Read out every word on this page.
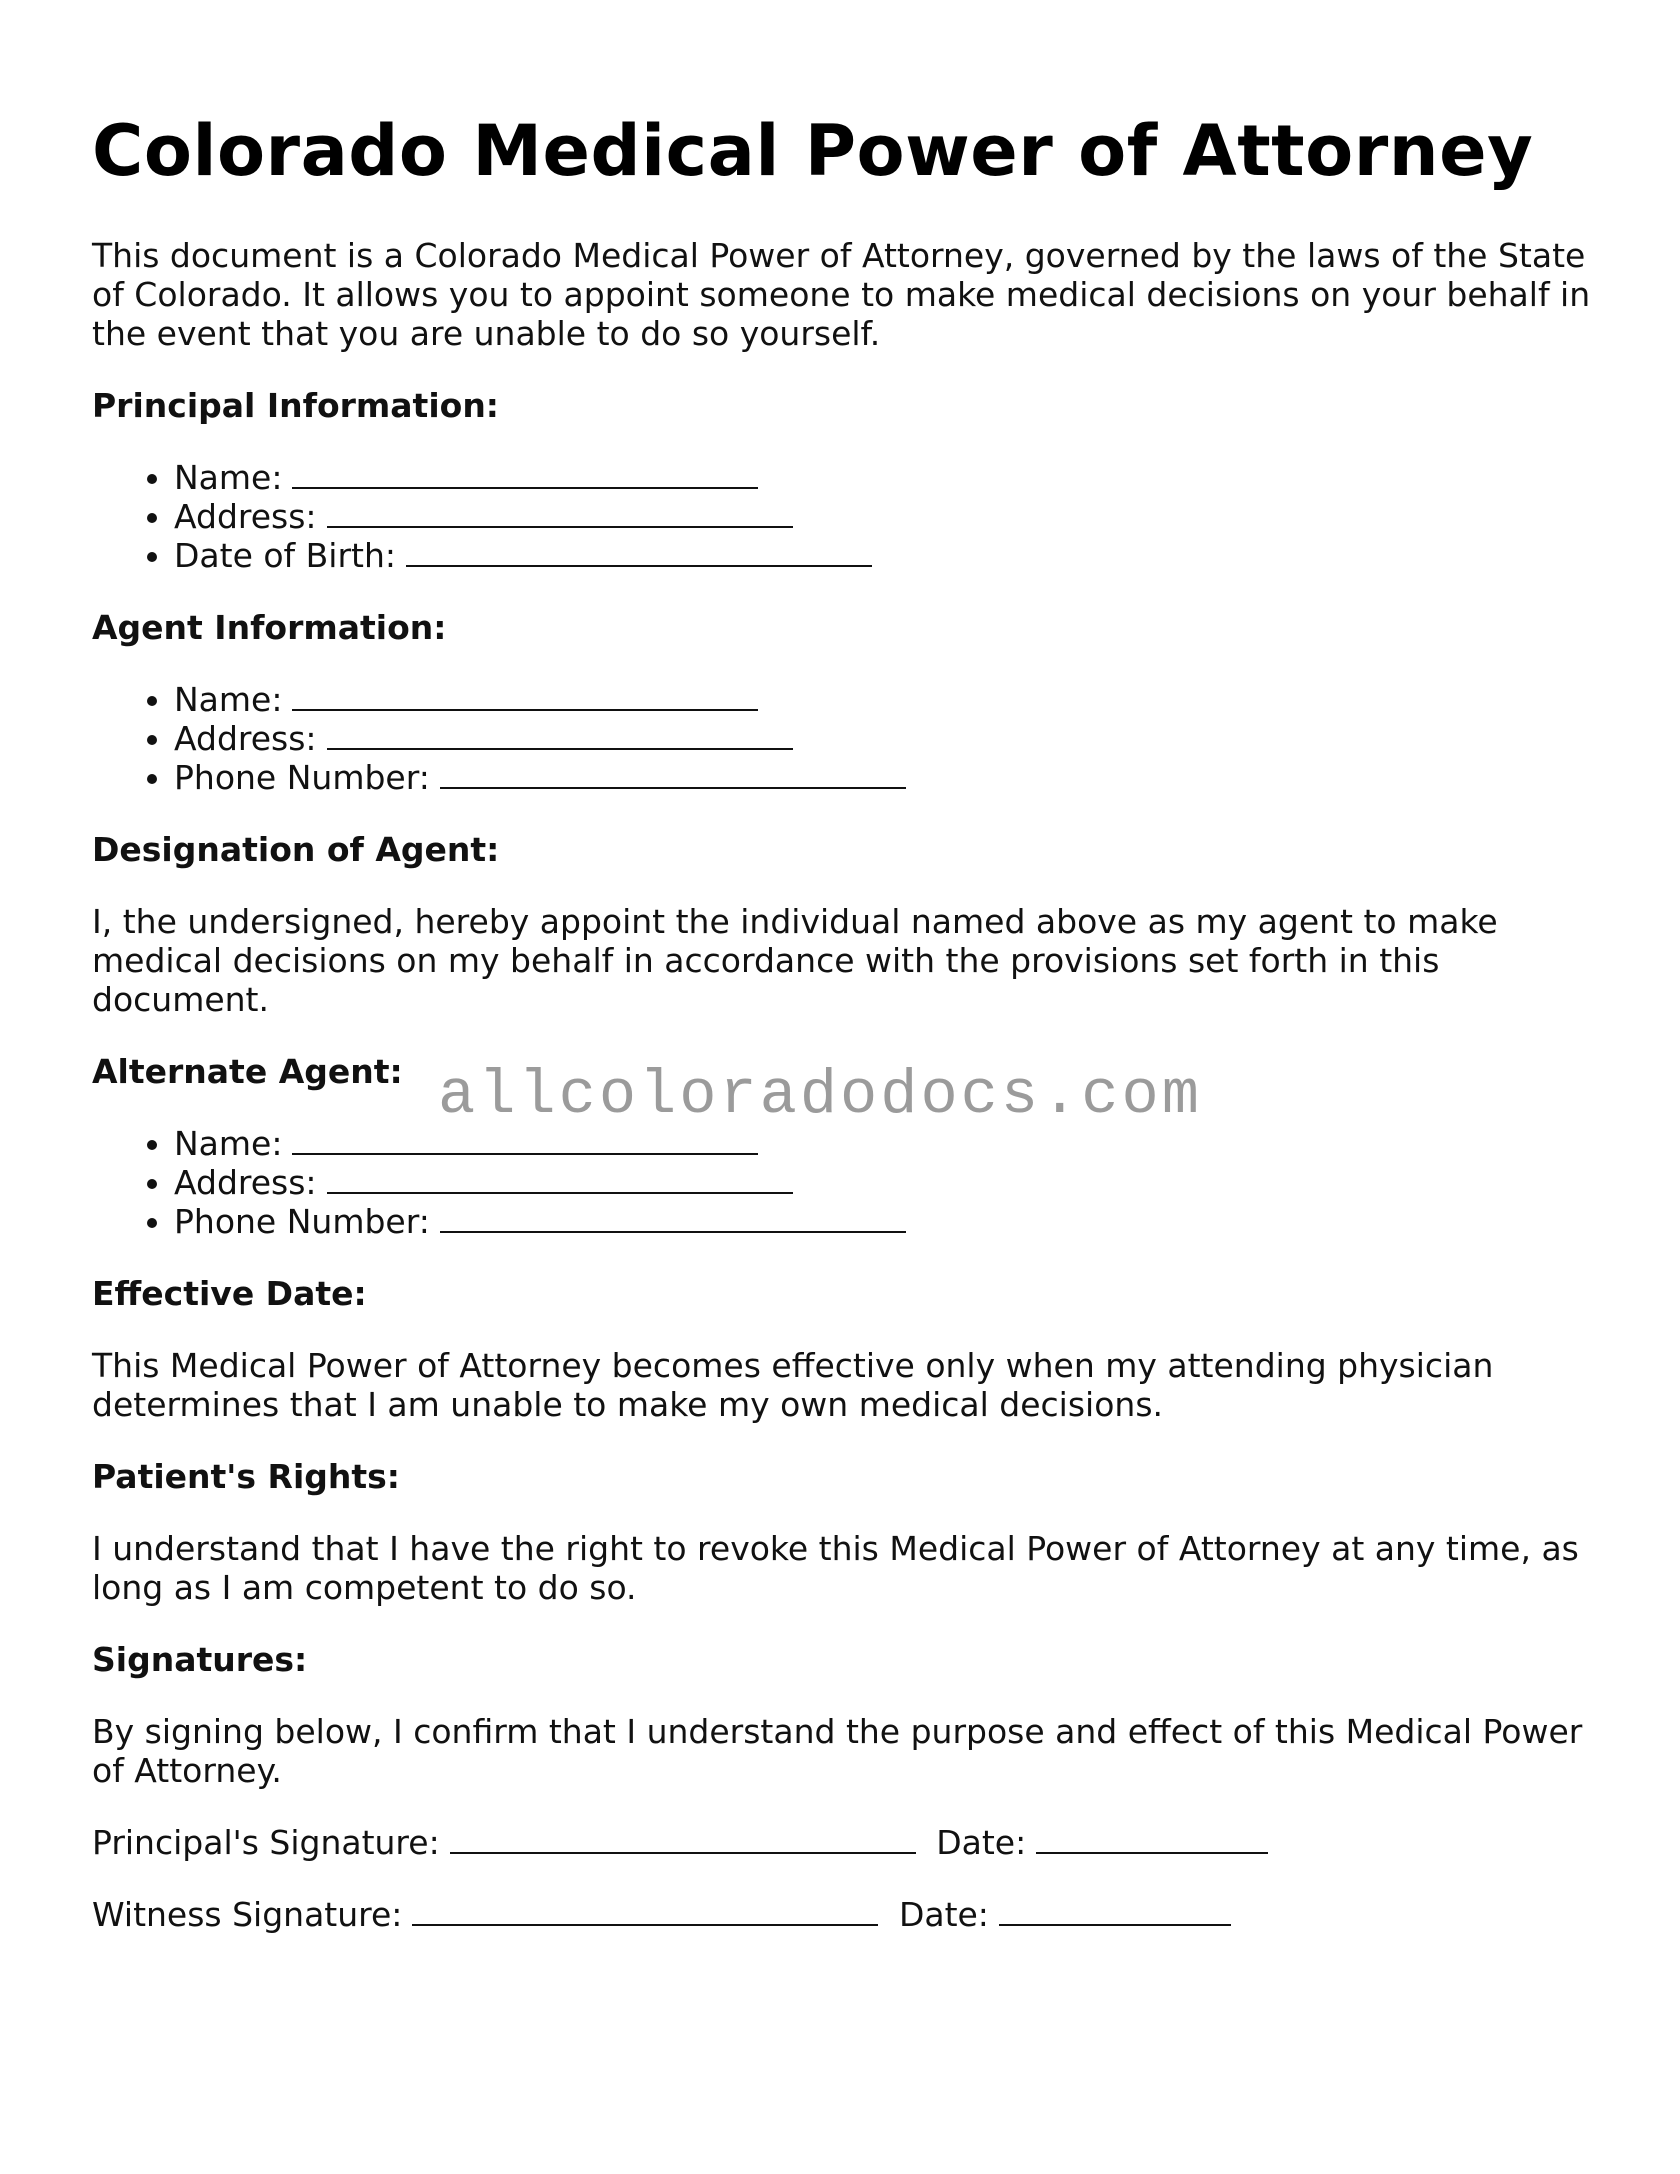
Colorado Medical Power of Attorney

This document is a Colorado Medical Power of Attorney, governed by the laws of the State of Colorado. It allows you to appoint someone to make medical decisions on your behalf in the event that you are unable to do so yourself.

Principal Information:
• Name:
• Address:
• Date of Birth:
Agent Information:
• Name:
• Address:
• Phone Number:
Designation of Agent:

I, the undersigned, hereby appoint the individual named above as my agent to make medical decisions on my behalf in accordance with the provisions set forth in this document.

Alternate Agent:
• Name:
• Address:
• Phone Number:
Effective Date:

This Medical Power of Attorney becomes effective only when my attending physician determines that I am unable to make my own medical decisions.

Patient's Rights:

I understand that I have the right to revoke this Medical Power of Attorney at any time, as long as I am competent to do so.

Signatures:

By signing below, I confirm that I understand the purpose and effect of this Medical Power of Attorney.

Principal's Signature:	Date:

Witness Signature:	Date:

allcoloradodocs.com
